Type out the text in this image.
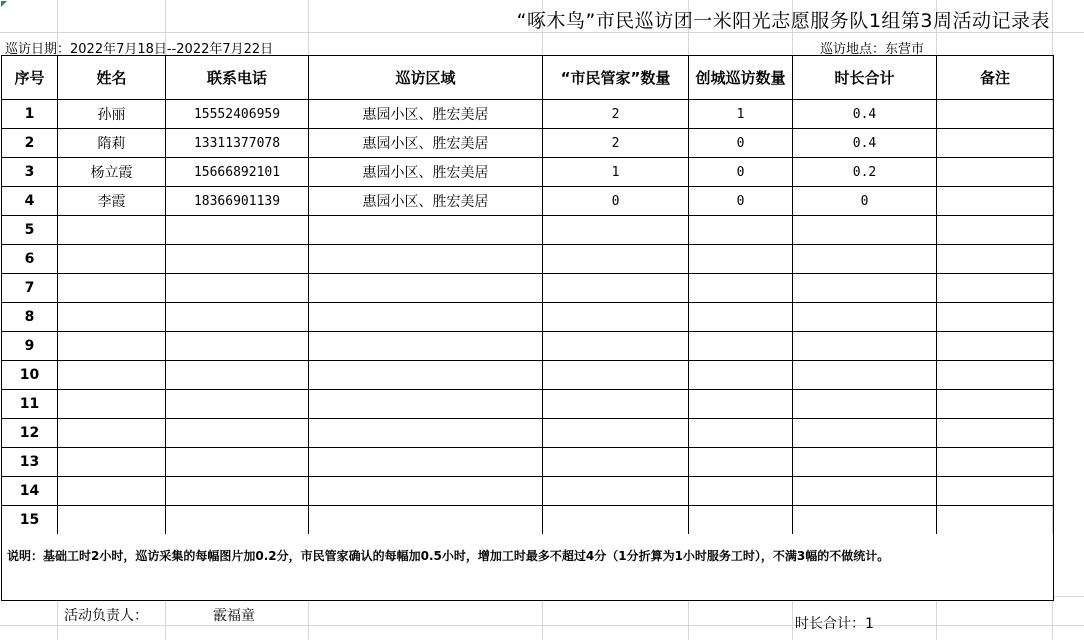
“啄木鸟”市民巡访团一米阳光志愿服务队1组第3周活动记录表
巡访日期：2022年7月18日--2022年7月22日	巡访地点：东营市
序号	姓名	联系电话	巡访区域	“市民管家”数量	创城巡访数量	时长合计	备注
1	孙丽	15552406959	惠园小区、胜宏美居	2	1	0.4	
2	隋莉	13311377078	惠园小区、胜宏美居	2	0	0.4	
3	杨立霞	15666892101	惠园小区、胜宏美居	1	0	0.2	
4	李霞	18366901139	惠园小区、胜宏美居	0	0	0	
5							
6							
7							
8							
9							
10							
11							
12							
13							
14							
15							
说明：基础工时2小时，巡访采集的每幅图片加0.2分，市民管家确认的每幅加0.5小时，增加工时最多不超过4分（1分折算为1小时服务工时），不满3幅的不做统计。
活动负责人：	霰福童	时长合计：1
